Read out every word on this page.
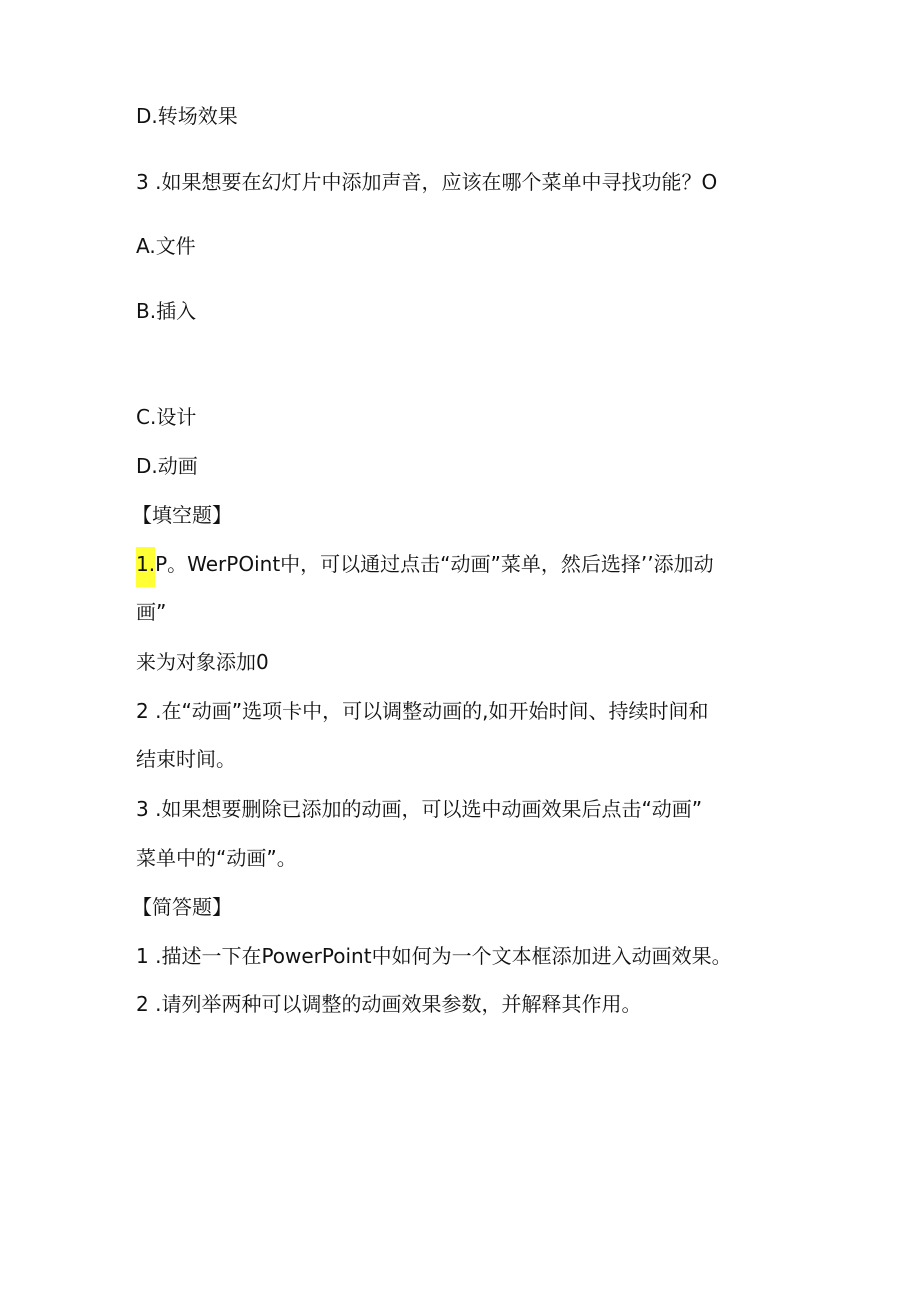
D.转场效果
3 .如果想要在幻灯片中添加声音，应该在哪个菜单中寻找功能？O
A.文件
B.插入
C.设计
D.动画
【填空题】
1.P。WerPOint中，可以通过点击“动画”菜单，然后选择’’添加动
画”
来为对象添加0
2 .在“动画”选项卡中，可以调整动画的,如开始时间、持续时间和
结束时间。
3 .如果想要删除已添加的动画，可以选中动画效果后点击“动画”
菜单中的“动画”。
【简答题】
1 .描述一下在PowerPoint中如何为一个文本框添加进入动画效果。
2 .请列举两种可以调整的动画效果参数，并解释其作用。
